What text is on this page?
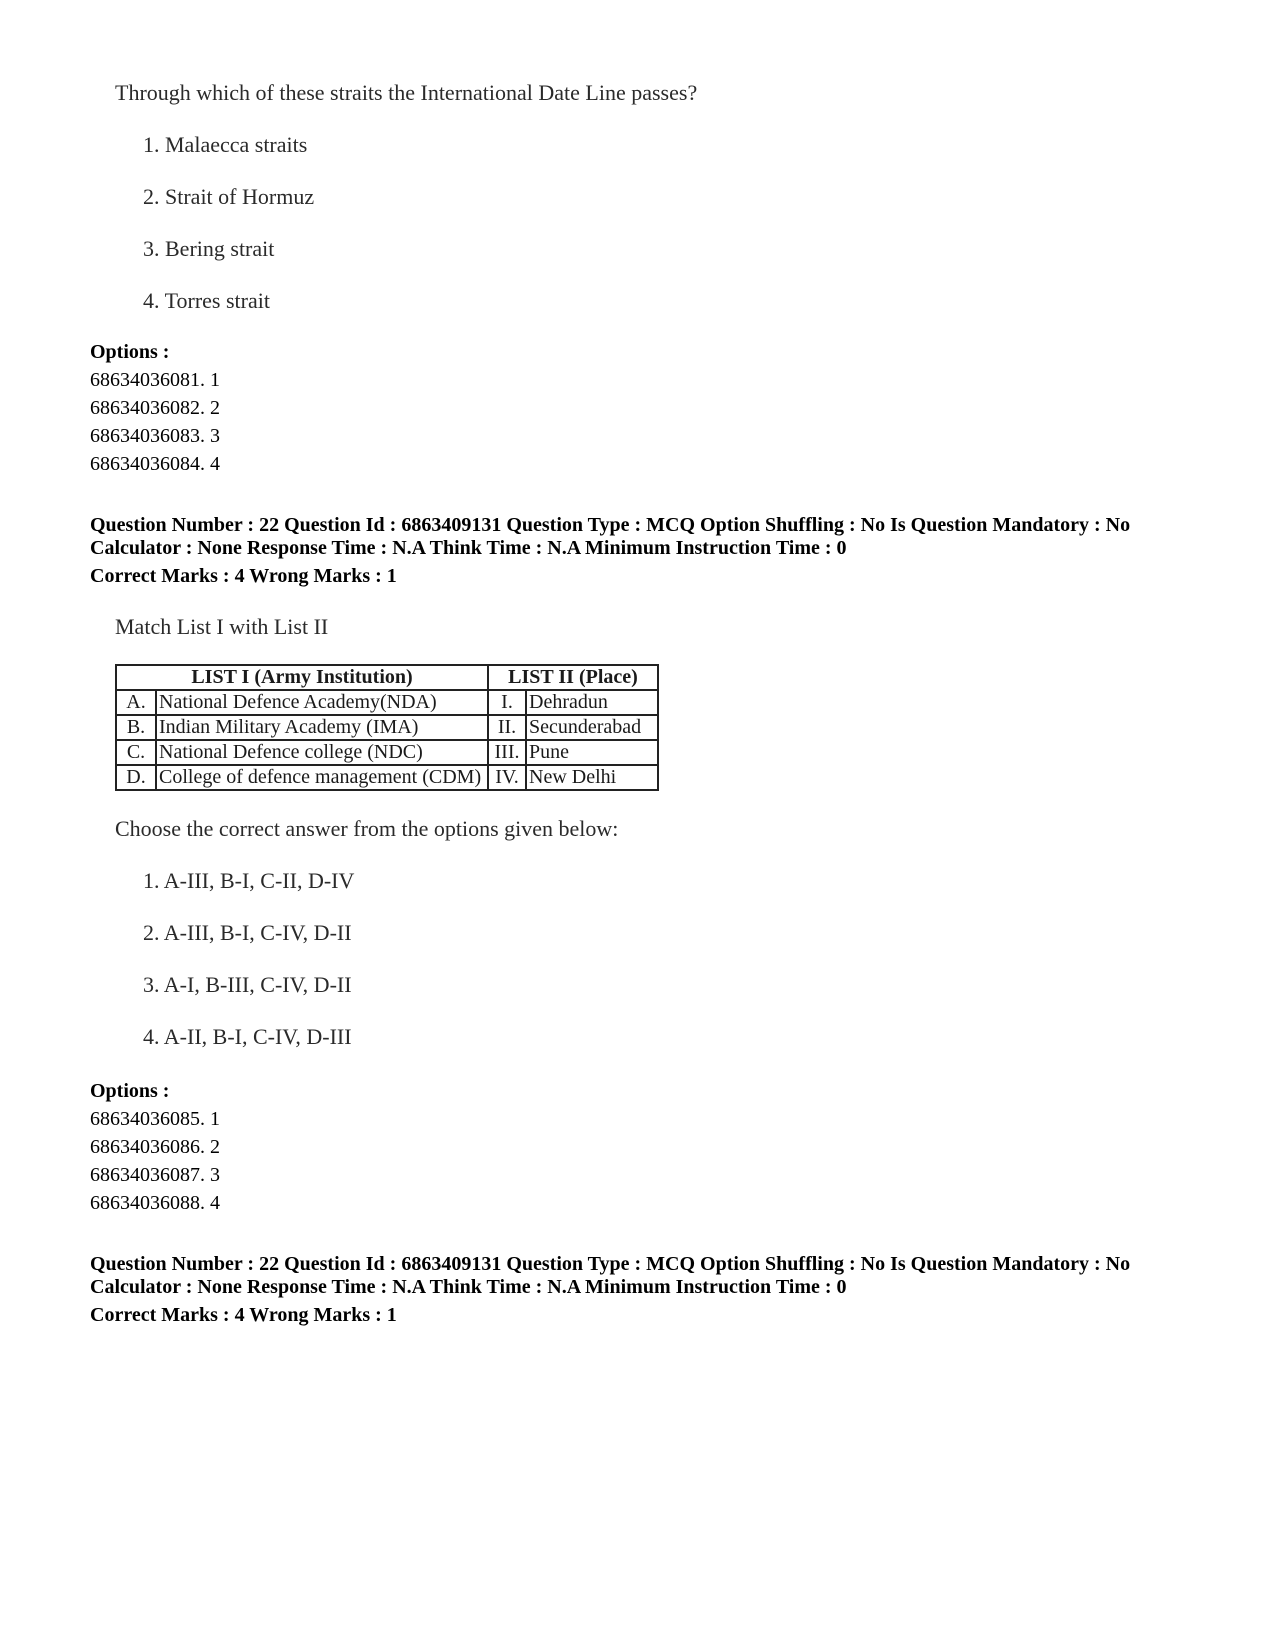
Through which of these straits the International Date Line passes?
1. Malaecca straits
2. Strait of Hormuz
3. Bering strait
4. Torres strait
Options :
68634036081. 1
68634036082. 2
68634036083. 3
68634036084. 4
Question Number : 22 Question Id : 6863409131 Question Type : MCQ Option Shuffling : No Is Question Mandatory : No Calculator : None Response Time : N.A Think Time : N.A Minimum Instruction Time : 0
Correct Marks : 4 Wrong Marks : 1
Match List I with List II
LIST I (Army Institution)		LIST II (Place)	
A.	National Defence Academy(NDA)	I.	Dehradun
B.	Indian Military Academy (IMA)	II.	Secunderabad
C.	National Defence college (NDC)	III.	Pune
D.	College of defence management (CDM)	IV.	New Delhi
Choose the correct answer from the options given below:
1. A-III, B-I, C-II, D-IV
2. A-III, B-I, C-IV, D-II
3. A-I, B-III, C-IV, D-II
4. A-II, B-I, C-IV, D-III
Options :
68634036085. 1
68634036086. 2
68634036087. 3
68634036088. 4
Question Number : 22 Question Id : 6863409131 Question Type : MCQ Option Shuffling : No Is Question Mandatory : No Calculator : None Response Time : N.A Think Time : N.A Minimum Instruction Time : 0
Correct Marks : 4 Wrong Marks : 1
